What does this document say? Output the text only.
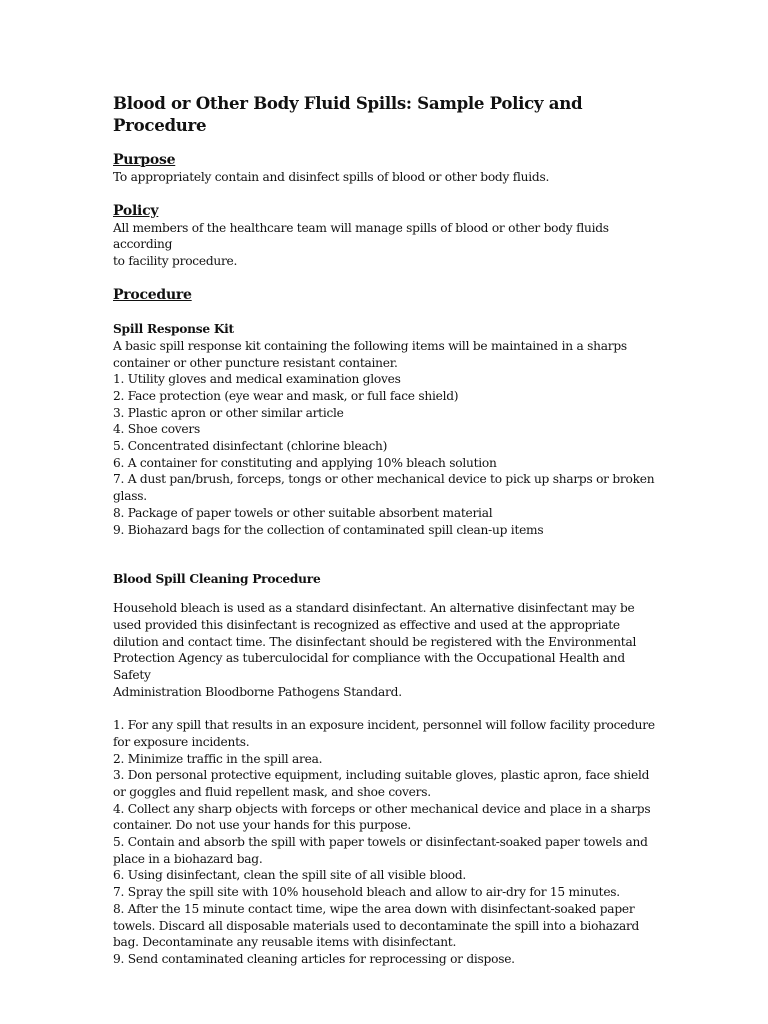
Blood or Other Body Fluid Spills: Sample Policy and Procedure
Purpose
To appropriately contain and disinfect spills of blood or other body fluids.
Policy
All members of the healthcare team will manage spills of blood or other body fluids according
to facility procedure.
Procedure
Spill Response Kit
A basic spill response kit containing the following items will be maintained in a sharps
container or other puncture resistant container.
1. Utility gloves and medical examination gloves
2. Face protection (eye wear and mask, or full face shield)
3. Plastic apron or other similar article
4. Shoe covers
5. Concentrated disinfectant (chlorine bleach)
6. A container for constituting and applying 10% bleach solution
7. A dust pan/brush, forceps, tongs or other mechanical device to pick up sharps or broken
glass.
8. Package of paper towels or other suitable absorbent material
9. Biohazard bags for the collection of contaminated spill clean-up items
Blood Spill Cleaning Procedure
Household bleach is used as a standard disinfectant. An alternative disinfectant may be
used provided this disinfectant is recognized as effective and used at the appropriate
dilution and contact time. The disinfectant should be registered with the Environmental
Protection Agency as tuberculocidal for compliance with the Occupational Health and Safety
Administration Bloodborne Pathogens Standard.
1. For any spill that results in an exposure incident, personnel will follow facility procedure
for exposure incidents.
2. Minimize traffic in the spill area.
3. Don personal protective equipment, including suitable gloves, plastic apron, face shield
or goggles and fluid repellent mask, and shoe covers.
4. Collect any sharp objects with forceps or other mechanical device and place in a sharps
container. Do not use your hands for this purpose.
5. Contain and absorb the spill with paper towels or disinfectant-soaked paper towels and
place in a biohazard bag.
6. Using disinfectant, clean the spill site of all visible blood.
7. Spray the spill site with 10% household bleach and allow to air-dry for 15 minutes.
8. After the 15 minute contact time, wipe the area down with disinfectant-soaked paper
towels. Discard all disposable materials used to decontaminate the spill into a biohazard
bag. Decontaminate any reusable items with disinfectant.
9. Send contaminated cleaning articles for reprocessing or dispose.
